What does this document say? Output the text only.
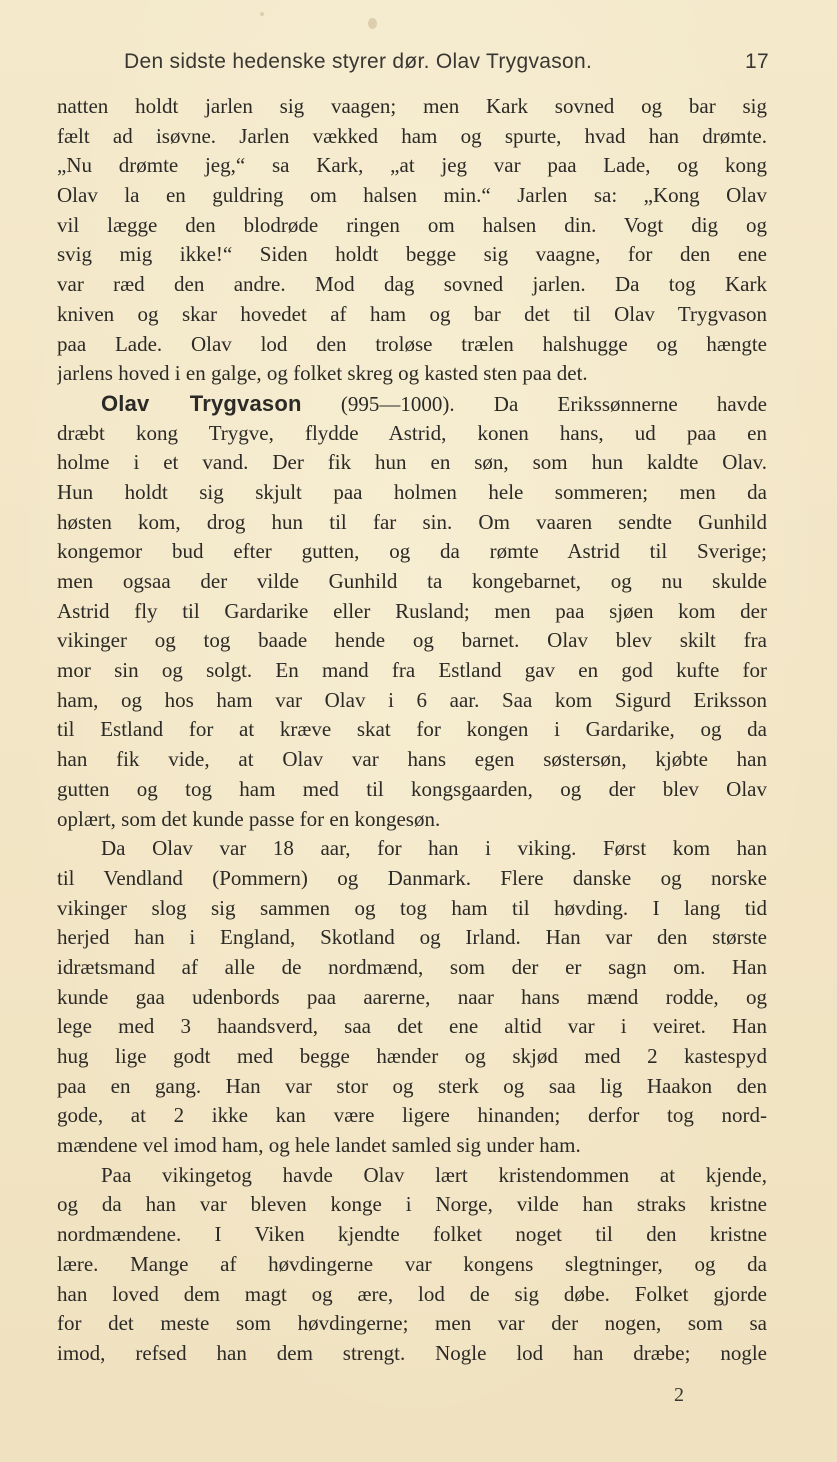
Den sidste hedenske styrer dør. Olav Trygvason.	17
natten holdt jarlen sig vaagen; men Kark sovned og bar sig
fælt ad isøvne. Jarlen vækked ham og spurte, hvad han drømte.
„Nu drømte jeg,“ sa Kark, „at jeg var paa Lade, og kong
Olav la en guldring om halsen min.“ Jarlen sa: „Kong Olav
vil lægge den blodrøde ringen om halsen din. Vogt dig og
svig mig ikke!“ Siden holdt begge sig vaagne, for den ene
var ræd den andre. Mod dag sovned jarlen. Da tog Kark
kniven og skar hovedet af ham og bar det til Olav Trygvason
paa Lade. Olav lod den troløse trælen halshugge og hængte
jarlens hoved i en galge, og folket skreg og kasted sten paa det.
Olav Trygvason (995—1000). Da Erikssønnerne havde
dræbt kong Trygve, flydde Astrid, konen hans, ud paa en
holme i et vand. Der fik hun en søn, som hun kaldte Olav.
Hun holdt sig skjult paa holmen hele sommeren; men da
høsten kom, drog hun til far sin. Om vaaren sendte Gunhild
kongemor bud efter gutten, og da rømte Astrid til Sverige;
men ogsaa der vilde Gunhild ta kongebarnet, og nu skulde
Astrid fly til Gardarike eller Rusland; men paa sjøen kom der
vikinger og tog baade hende og barnet. Olav blev skilt fra
mor sin og solgt. En mand fra Estland gav en god kufte for
ham, og hos ham var Olav i 6 aar. Saa kom Sigurd Eriksson
til Estland for at kræve skat for kongen i Gardarike, og da
han fik vide, at Olav var hans egen søstersøn, kjøbte han
gutten og tog ham med til kongsgaarden, og der blev Olav
oplært, som det kunde passe for en kongesøn.
Da Olav var 18 aar, for han i viking. Først kom han
til Vendland (Pommern) og Danmark. Flere danske og norske
vikinger slog sig sammen og tog ham til høvding. I lang tid
herjed han i England, Skotland og Irland. Han var den største
idrætsmand af alle de nordmænd, som der er sagn om. Han
kunde gaa udenbords paa aarerne, naar hans mænd rodde, og
lege med 3 haandsverd, saa det ene altid var i veiret. Han
hug lige godt med begge hænder og skjød med 2 kastespyd
paa en gang. Han var stor og sterk og saa lig Haakon den
gode, at 2 ikke kan være ligere hinanden; derfor tog nord-
mændene vel imod ham, og hele landet samled sig under ham.
Paa vikingetog havde Olav lært kristendommen at kjende,
og da han var bleven konge i Norge, vilde han straks kristne
nordmændene. I Viken kjendte folket noget til den kristne
lære. Mange af høvdingerne var kongens slegtninger, og da
han loved dem magt og ære, lod de sig døbe. Folket gjorde
for det meste som høvdingerne; men var der nogen, som sa
imod, refsed han dem strengt. Nogle lod han dræbe; nogle
2
